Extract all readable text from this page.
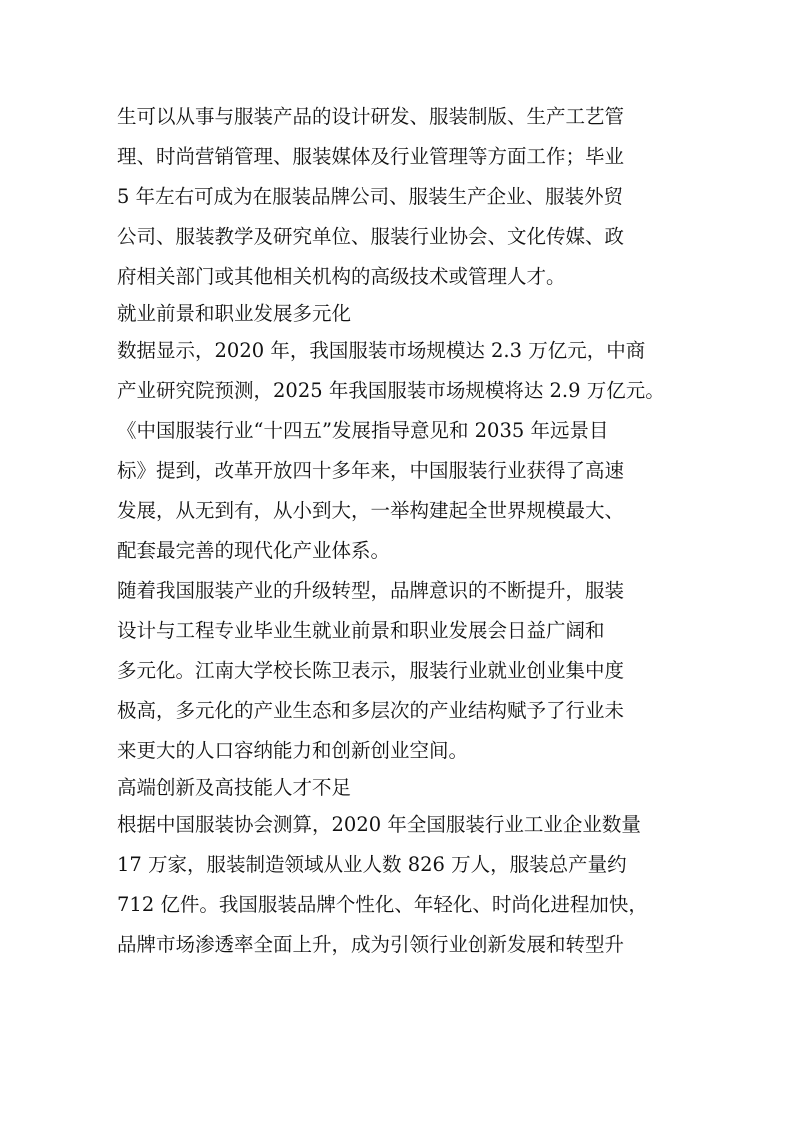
生可以从事与服装产品的设计研发、服装制版、生产工艺管
理、时尚营销管理、服装媒体及行业管理等方面工作；毕业
5 年左右可成为在服装品牌公司、服装生产企业、服装外贸
公司、服装教学及研究单位、服装行业协会、文化传媒、政
府相关部门或其他相关机构的高级技术或管理人才。
就业前景和职业发展多元化
数据显示，2020 年，我国服装市场规模达 2.3 万亿元，中商
产业研究院预测，2025 年我国服装市场规模将达 2.9 万亿元。
《中国服装行业“十四五”发展指导意见和 2035 年远景目
标》提到，改革开放四十多年来，中国服装行业获得了高速
发展，从无到有，从小到大，一举构建起全世界规模最大、
配套最完善的现代化产业体系。
随着我国服装产业的升级转型，品牌意识的不断提升，服装
设计与工程专业毕业生就业前景和职业发展会日益广阔和
多元化。江南大学校长陈卫表示，服装行业就业创业集中度
极高，多元化的产业生态和多层次的产业结构赋予了行业未
来更大的人口容纳能力和创新创业空间。
高端创新及高技能人才不足
根据中国服装协会测算，2020 年全国服装行业工业企业数量
17 万家，服装制造领域从业人数 826 万人，服装总产量约
712 亿件。我国服装品牌个性化、年轻化、时尚化进程加快，
品牌市场渗透率全面上升，成为引领行业创新发展和转型升
